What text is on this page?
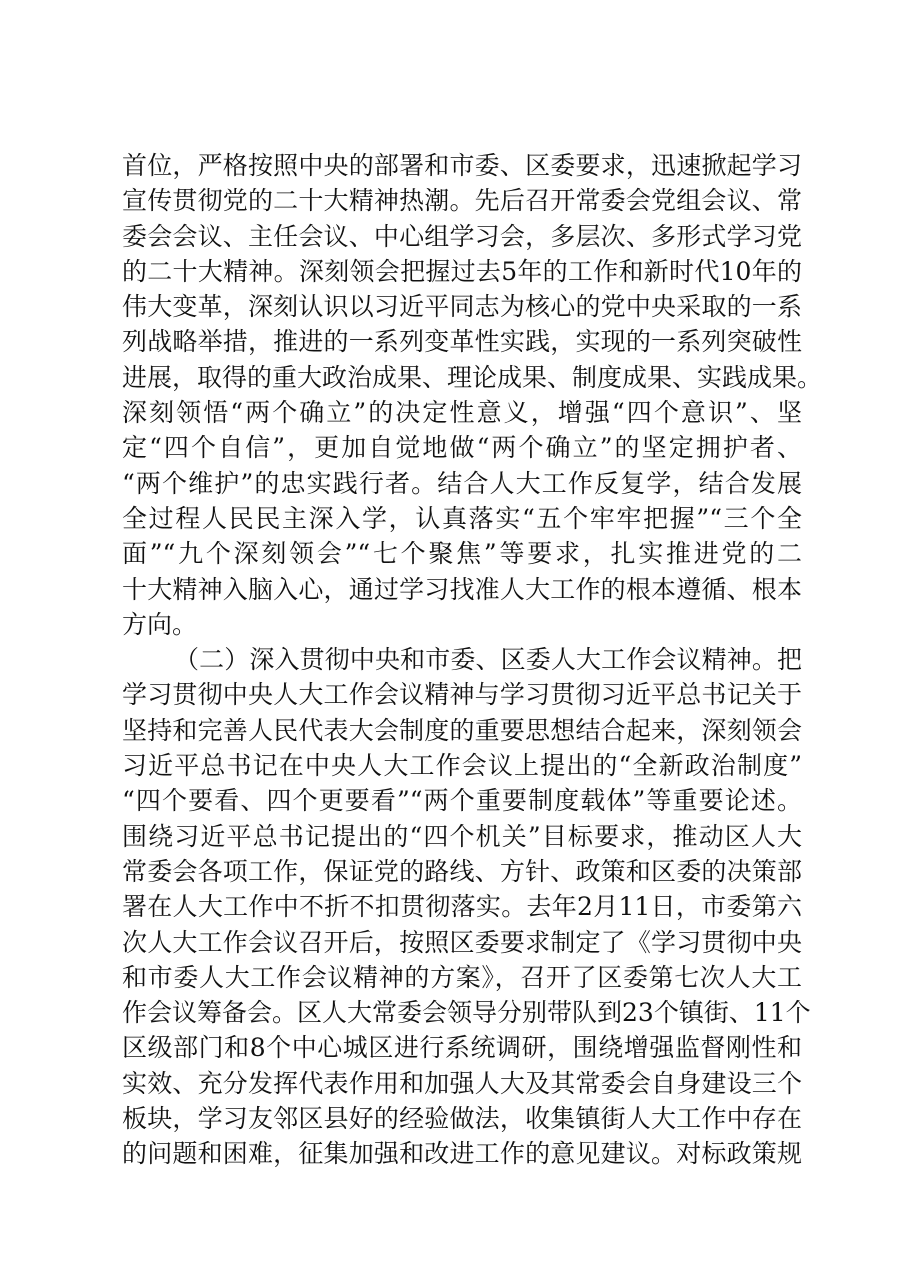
首位，严格按照中央的部署和市委、区委要求，迅速掀起学习
宣传贯彻党的二十大精神热潮。先后召开常委会党组会议、常
委会会议、主任会议、中心组学习会，多层次、多形式学习党
的二十大精神。深刻领会把握过去5年的工作和新时代10年的
伟大变革，深刻认识以习近平同志为核心的党中央采取的一系
列战略举措，推进的一系列变革性实践，实现的一系列突破性
进展，取得的重大政治成果、理论成果、制度成果、实践成果。
深刻领悟“两个确立”的决定性意义，增强“四个意识”、坚
定“四个自信”，更加自觉地做“两个确立”的坚定拥护者、
“两个维护”的忠实践行者。结合人大工作反复学，结合发展
全过程人民民主深入学，认真落实“五个牢牢把握”“三个全
面”“九个深刻领会”“七个聚焦”等要求，扎实推进党的二
十大精神入脑入心，通过学习找准人大工作的根本遵循、根本
方向。
（二）深入贯彻中央和市委、区委人大工作会议精神。把
学习贯彻中央人大工作会议精神与学习贯彻习近平总书记关于
坚持和完善人民代表大会制度的重要思想结合起来，深刻领会
习近平总书记在中央人大工作会议上提出的“全新政治制度”
“四个要看、四个更要看”“两个重要制度载体”等重要论述。
围绕习近平总书记提出的“四个机关”目标要求，推动区人大
常委会各项工作，保证党的路线、方针、政策和区委的决策部
署在人大工作中不折不扣贯彻落实。去年2月11日，市委第六
次人大工作会议召开后，按照区委要求制定了《学习贯彻中央
和市委人大工作会议精神的方案》，召开了区委第七次人大工
作会议筹备会。区人大常委会领导分别带队到23个镇街、11个
区级部门和8个中心城区进行系统调研，围绕增强监督刚性和
实效、充分发挥代表作用和加强人大及其常委会自身建设三个
板块，学习友邻区县好的经验做法，收集镇街人大工作中存在
的问题和困难，征集加强和改进工作的意见建议。对标政策规
